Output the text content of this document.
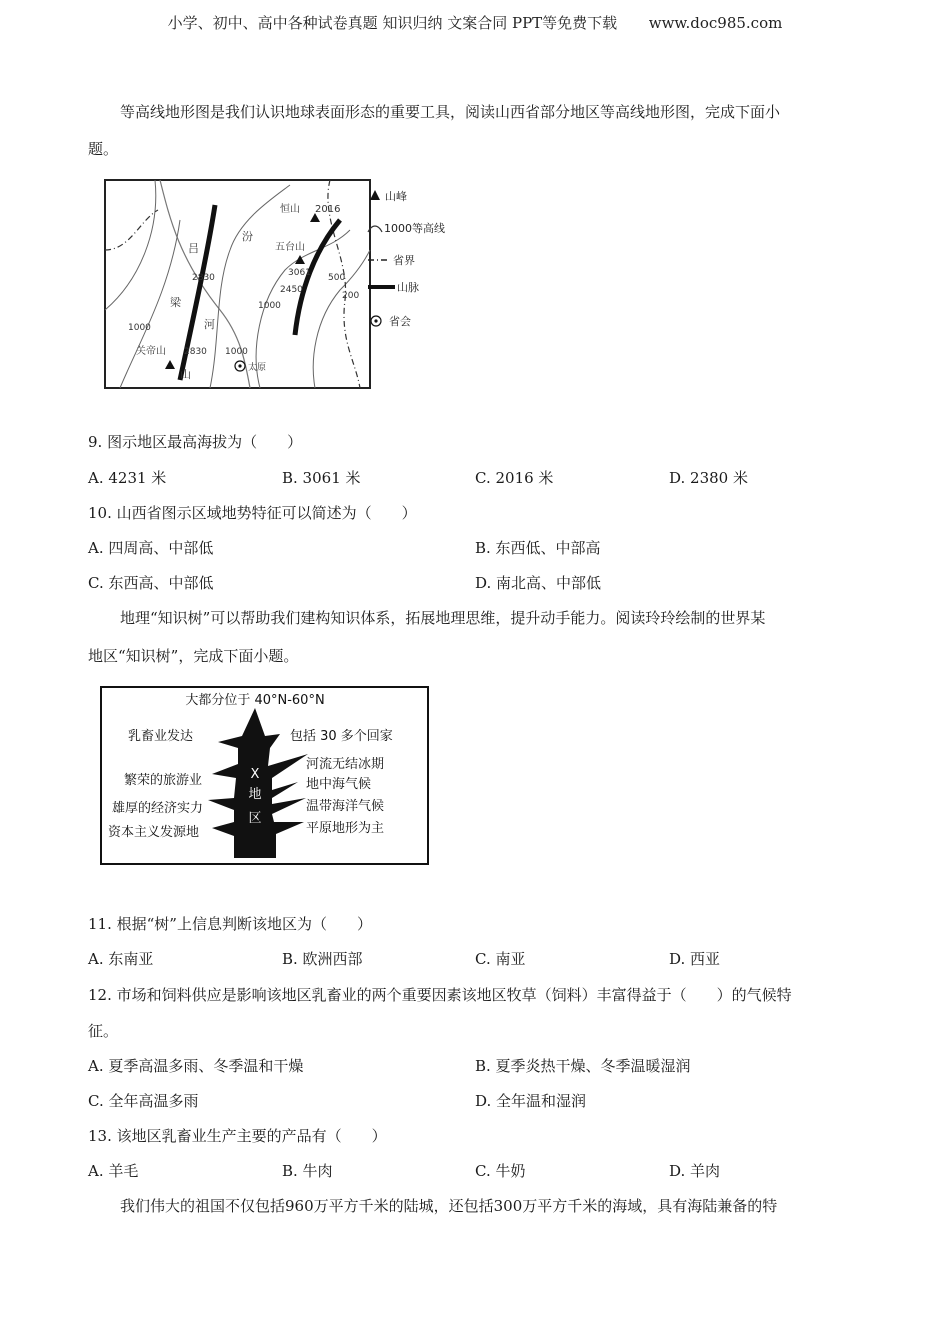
小学、初中、高中各种试卷真题 知识归纳 文案合同 PPT等免费下载 www.doc985.com
等高线地形图是我们认识地球表面形态的重要工具，阅读山西省部分地区等高线地形图，完成下面小
题。
恒山 2016
五台山
3061 500
200
1000
1000
1000
吕
梁
山
2830
汾
河
关帝山 2830
太原
2450
山峰
1000等高线
省界
山脉
省会
9. 图示地区最高海拔为（　　）
A. 4231 米	B. 3061 米	C. 2016 米	D. 2380 米
10. 山西省图示区域地势特征可以简述为（　　）
A. 四周高、中部低	B. 东西低、中部高
C. 东西高、中部低	D. 南北高、中部低
地理“知识树”可以帮助我们建构知识体系，拓展地理思维，提升动手能力。阅读玲玲绘制的世界某
地区“知识树”，完成下面小题。
大都分位于 40°N-60°N
X
地
区
乳畜业发达
繁荣的旅游业
雄厚的经济实力
资本主义发源地
包括 30 多个回家
河流无结冰期
地中海气候
温带海洋气候
平原地形为主
11. 根据“树”上信息判断该地区为（　　）
A. 东南亚	B. 欧洲西部	C. 南亚	D. 西亚
12. 市场和饲料供应是影响该地区乳畜业的两个重要因素该地区牧草（饲料）丰富得益于（　　）的气候特
征。
A. 夏季高温多雨、冬季温和干燥	B. 夏季炎热干燥、冬季温暖湿润
C. 全年高温多雨	D. 全年温和湿润
13. 该地区乳畜业生产主要的产品有（　　）
A. 羊毛	B. 牛肉	C. 牛奶	D. 羊肉
我们伟大的祖国不仅包括960万平方千米的陆城，还包括300万平方千米的海域，具有海陆兼备的特
